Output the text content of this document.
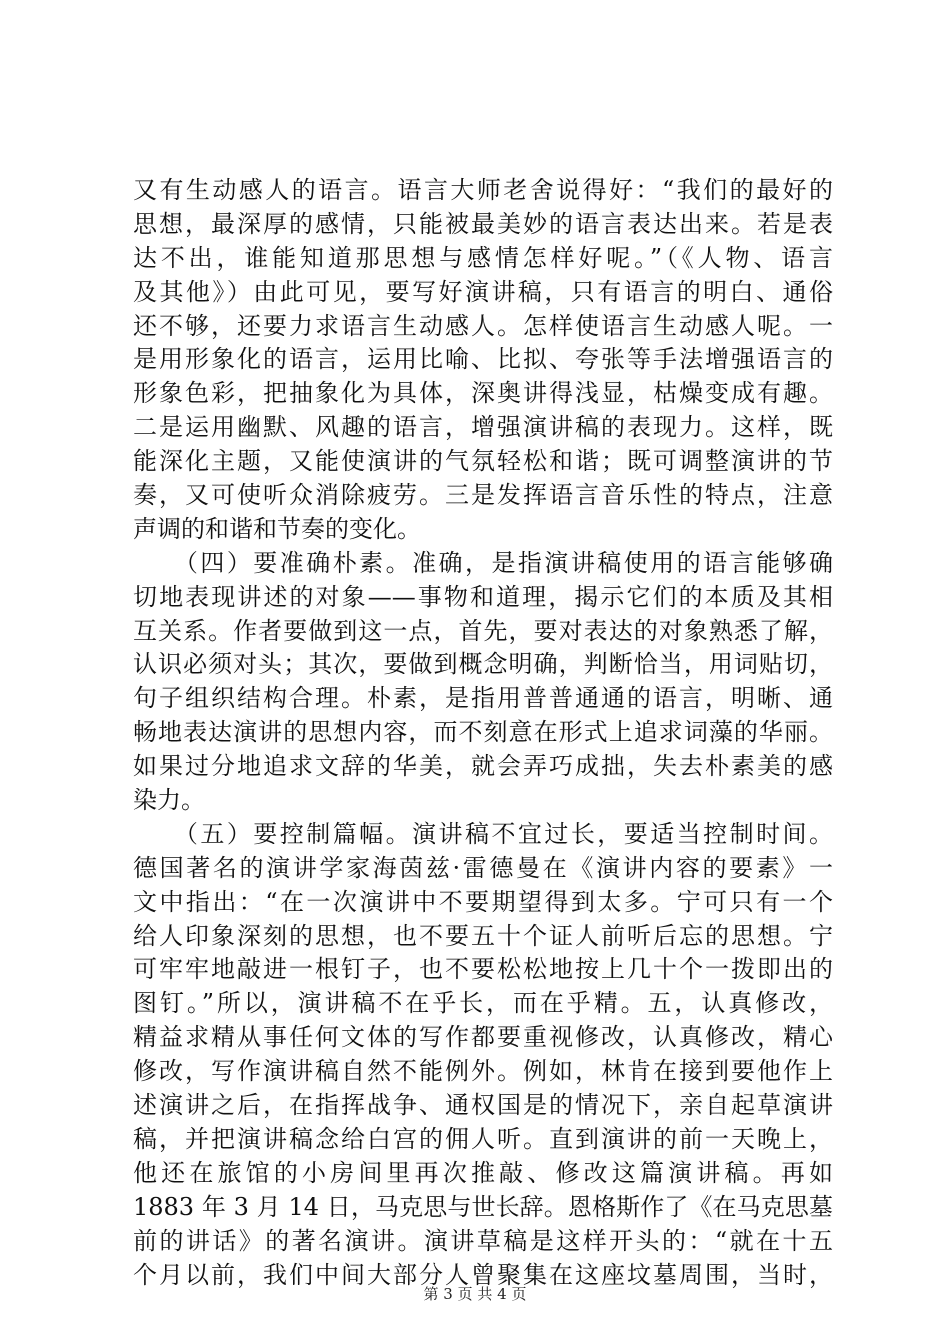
又有生动感人的语言。语言大师老舍说得好：“我们的最好的
思想，最深厚的感情，只能被最美妙的语言表达出来。若是表
达不出，谁能知道那思想与感情怎样好呢。”（《人物、语言
及其他》）由此可见，要写好演讲稿，只有语言的明白、通俗
还不够，还要力求语言生动感人。怎样使语言生动感人呢。一
是用形象化的语言，运用比喻、比拟、夸张等手法增强语言的
形象色彩，把抽象化为具体，深奥讲得浅显，枯燥变成有趣。
二是运用幽默、风趣的语言，增强演讲稿的表现力。这样，既
能深化主题，又能使演讲的气氛轻松和谐；既可调整演讲的节
奏，又可使听众消除疲劳。三是发挥语言音乐性的特点，注意
声调的和谐和节奏的变化。
　　（四）要准确朴素。准确，是指演讲稿使用的语言能够确
切地表现讲述的对象——事物和道理，揭示它们的本质及其相
互关系。作者要做到这一点，首先，要对表达的对象熟悉了解，
认识必须对头；其次，要做到概念明确，判断恰当，用词贴切，
句子组织结构合理。朴素，是指用普普通通的语言，明晰、通
畅地表达演讲的思想内容，而不刻意在形式上追求词藻的华丽。
如果过分地追求文辞的华美，就会弄巧成拙，失去朴素美的感
染力。
　　（五）要控制篇幅。演讲稿不宜过长，要适当控制时间。
德国著名的演讲学家海茵兹·雷德曼在《演讲内容的要素》一
文中指出：“在一次演讲中不要期望得到太多。宁可只有一个
给人印象深刻的思想，也不要五十个证人前听后忘的思想。宁
可牢牢地敲进一根钉子，也不要松松地按上几十个一拨即出的
图钉。”所以，演讲稿不在乎长，而在乎精。五，认真修改，
精益求精从事任何文体的写作都要重视修改，认真修改，精心
修改，写作演讲稿自然不能例外。例如，林肯在接到要他作上
述演讲之后，在指挥战争、通权国是的情况下，亲自起草演讲
稿，并把演讲稿念给白宫的佣人听。直到演讲的前一天晚上，
他还在旅馆的小房间里再次推敲、修改这篇演讲稿。再如
1883 年 3 月 14 日，马克思与世长辞。恩格斯作了《在马克思墓
前的讲话》的著名演讲。演讲草稿是这样开头的：“就在十五
个月以前，我们中间大部分人曾聚集在这座坟墓周围，当时，
第 3 页 共 4 页
